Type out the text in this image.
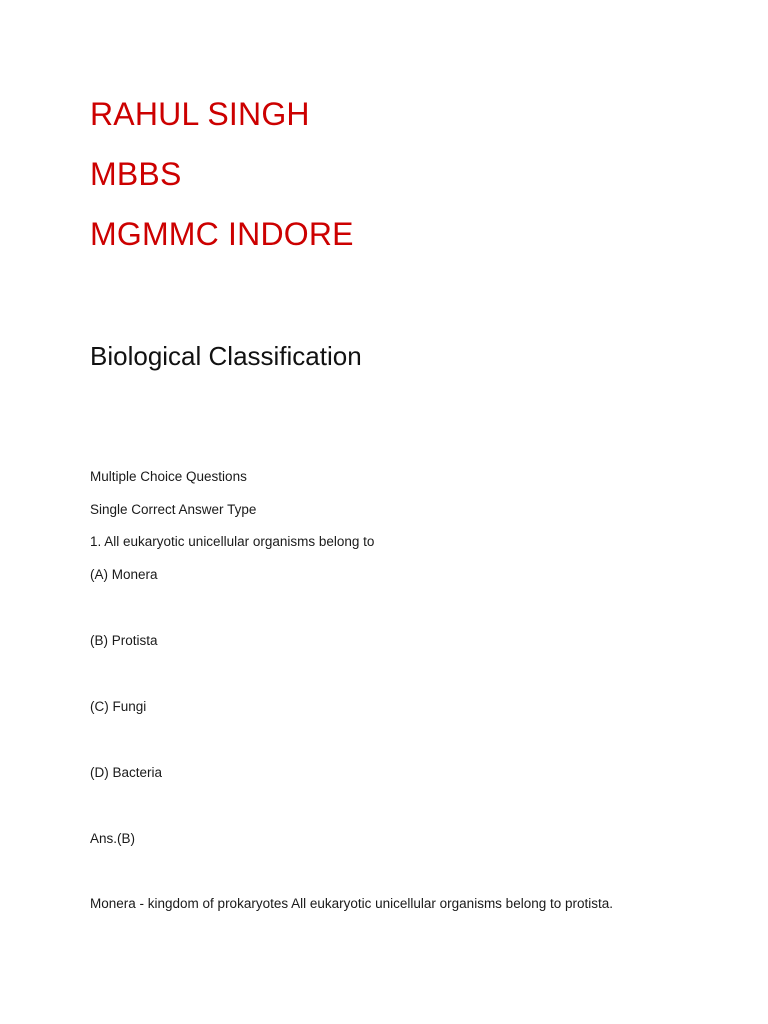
RAHUL SINGH
MBBS
MGMMC INDORE
Biological Classification
Multiple Choice Questions
Single Correct Answer Type
1. All eukaryotic unicellular organisms belong to
(A) Monera
(B) Protista
(C) Fungi
(D) Bacteria
Ans.(B)
Monera - kingdom of prokaryotes All eukaryotic unicellular organisms belong to protista.
